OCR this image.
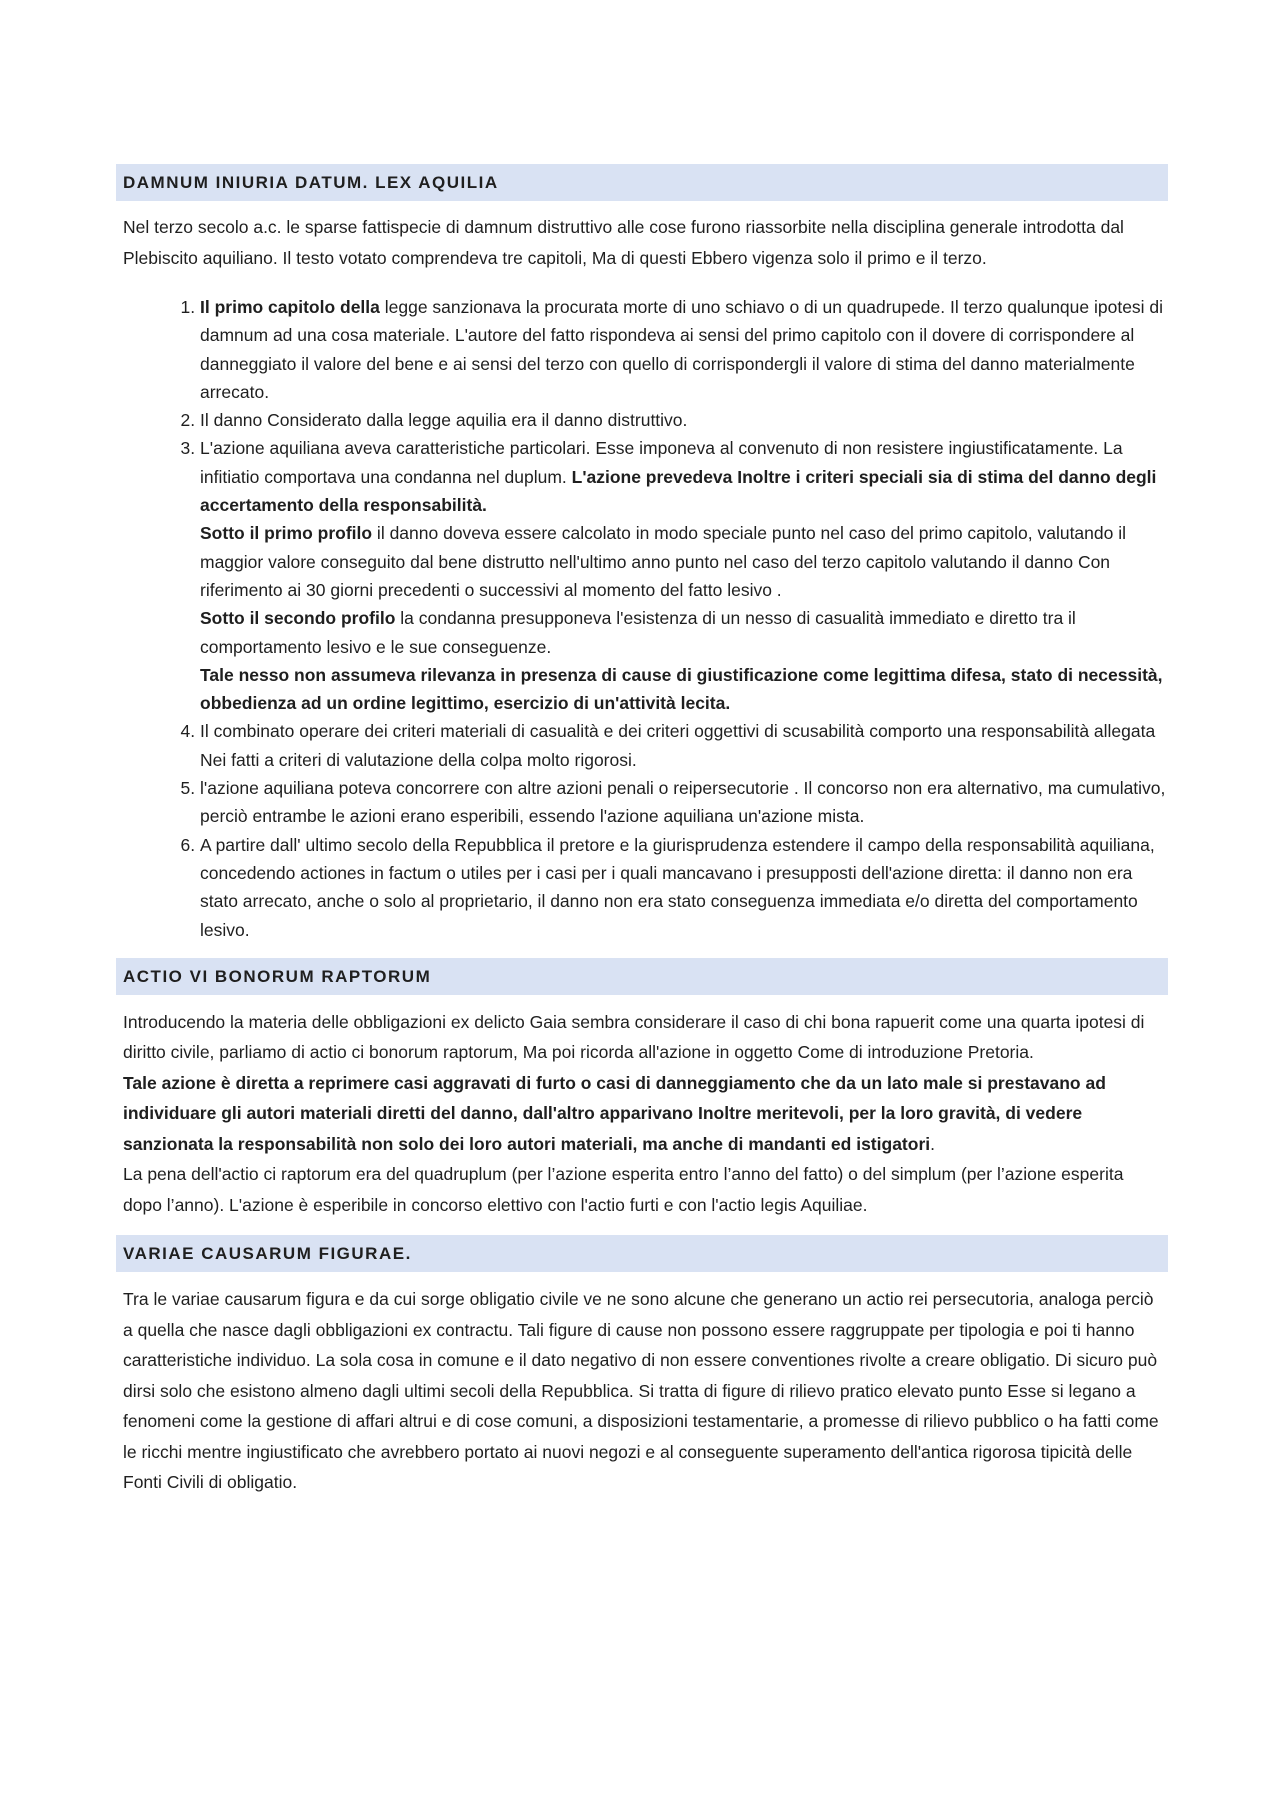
DAMNUM INIURIA DATUM. LEX AQUILIA

Nel terzo secolo a.c. le sparse fattispecie di damnum distruttivo alle cose furono riassorbite nella disciplina generale introdotta dal Plebiscito aquiliano. Il testo votato comprendeva tre capitoli, Ma di questi Ebbero vigenza solo il primo e il terzo.

1. Il primo capitolo della legge sanzionava la procurata morte di uno schiavo o di un quadrupede. Il terzo qualunque ipotesi di damnum ad una cosa materiale. L'autore del fatto rispondeva ai sensi del primo capitolo con il dovere di corrispondere al danneggiato il valore del bene e ai sensi del terzo con quello di corrispondergli il valore di stima del danno materialmente arrecato.
2. Il danno Considerato dalla legge aquilia era il danno distruttivo.
3. L'azione aquiliana aveva caratteristiche particolari. Esse imponeva al convenuto di non resistere ingiustificatamente. La infitiatio comportava una condanna nel duplum. L'azione prevedeva Inoltre i criteri speciali sia di stima del danno degli accertamento della responsabilità.
Sotto il primo profilo il danno doveva essere calcolato in modo speciale punto nel caso del primo capitolo, valutando il maggior valore conseguito dal bene distrutto nell'ultimo anno punto nel caso del terzo capitolo valutando il danno Con riferimento ai 30 giorni precedenti o successivi al momento del fatto lesivo .
Sotto il secondo profilo la condanna presupponeva l'esistenza di un nesso di casualità immediato e diretto tra il comportamento lesivo e le sue conseguenze.
Tale nesso non assumeva rilevanza in presenza di cause di giustificazione come legittima difesa, stato di necessità, obbedienza ad un ordine legittimo, esercizio di un'attività lecita.
4. Il combinato operare dei criteri materiali di casualità e dei criteri oggettivi di scusabilità comporto una responsabilità allegata Nei fatti a criteri di valutazione della colpa molto rigorosi.
5. l'azione aquiliana poteva concorrere con altre azioni penali o reipersecutorie . Il concorso non era alternativo, ma cumulativo, perciò entrambe le azioni erano esperibili, essendo l'azione aquiliana un'azione mista.
6. A partire dall' ultimo secolo della Repubblica il pretore e la giurisprudenza estendere il campo della responsabilità aquiliana, concedendo actiones in factum o utiles per i casi per i quali mancavano i presupposti dell'azione diretta: il danno non era stato arrecato, anche o solo al proprietario, il danno non era stato conseguenza immediata e/o diretta del comportamento lesivo.
ACTIO VI BONORUM RAPTORUM

Introducendo la materia delle obbligazioni ex delicto Gaia sembra considerare il caso di chi bona rapuerit come una quarta ipotesi di diritto civile, parliamo di actio ci bonorum raptorum, Ma poi ricorda all'azione in oggetto Come di introduzione Pretoria.

Tale azione è diretta a reprimere casi aggravati di furto o casi di danneggiamento che da un lato male si prestavano ad individuare gli autori materiali diretti del danno, dall'altro apparivano Inoltre meritevoli, per la loro gravità, di vedere sanzionata la responsabilità non solo dei loro autori materiali, ma anche di mandanti ed istigatori.

La pena dell'actio ci raptorum era del quadruplum (per l’azione esperita entro l’anno del fatto) o del simplum (per l’azione esperita dopo l’anno). L'azione è esperibile in concorso elettivo con l'actio furti e con l'actio legis Aquiliae.

VARIAE CAUSARUM FIGURAE.

Tra le variae causarum figura e da cui sorge obligatio civile ve ne sono alcune che generano un actio rei persecutoria, analoga perciò a quella che nasce dagli obbligazioni ex contractu. Tali figure di cause non possono essere raggruppate per tipologia e poi ti hanno caratteristiche individuo. La sola cosa in comune e il dato negativo di non essere conventiones rivolte a creare obligatio. Di sicuro può dirsi solo che esistono almeno dagli ultimi secoli della Repubblica. Si tratta di figure di rilievo pratico elevato punto Esse si legano a fenomeni come la gestione di affari altrui e di cose comuni, a disposizioni testamentarie, a promesse di rilievo pubblico o ha fatti come le ricchi mentre ingiustificato che avrebbero portato ai nuovi negozi e al conseguente superamento dell'antica rigorosa tipicità delle Fonti Civili di obligatio.
